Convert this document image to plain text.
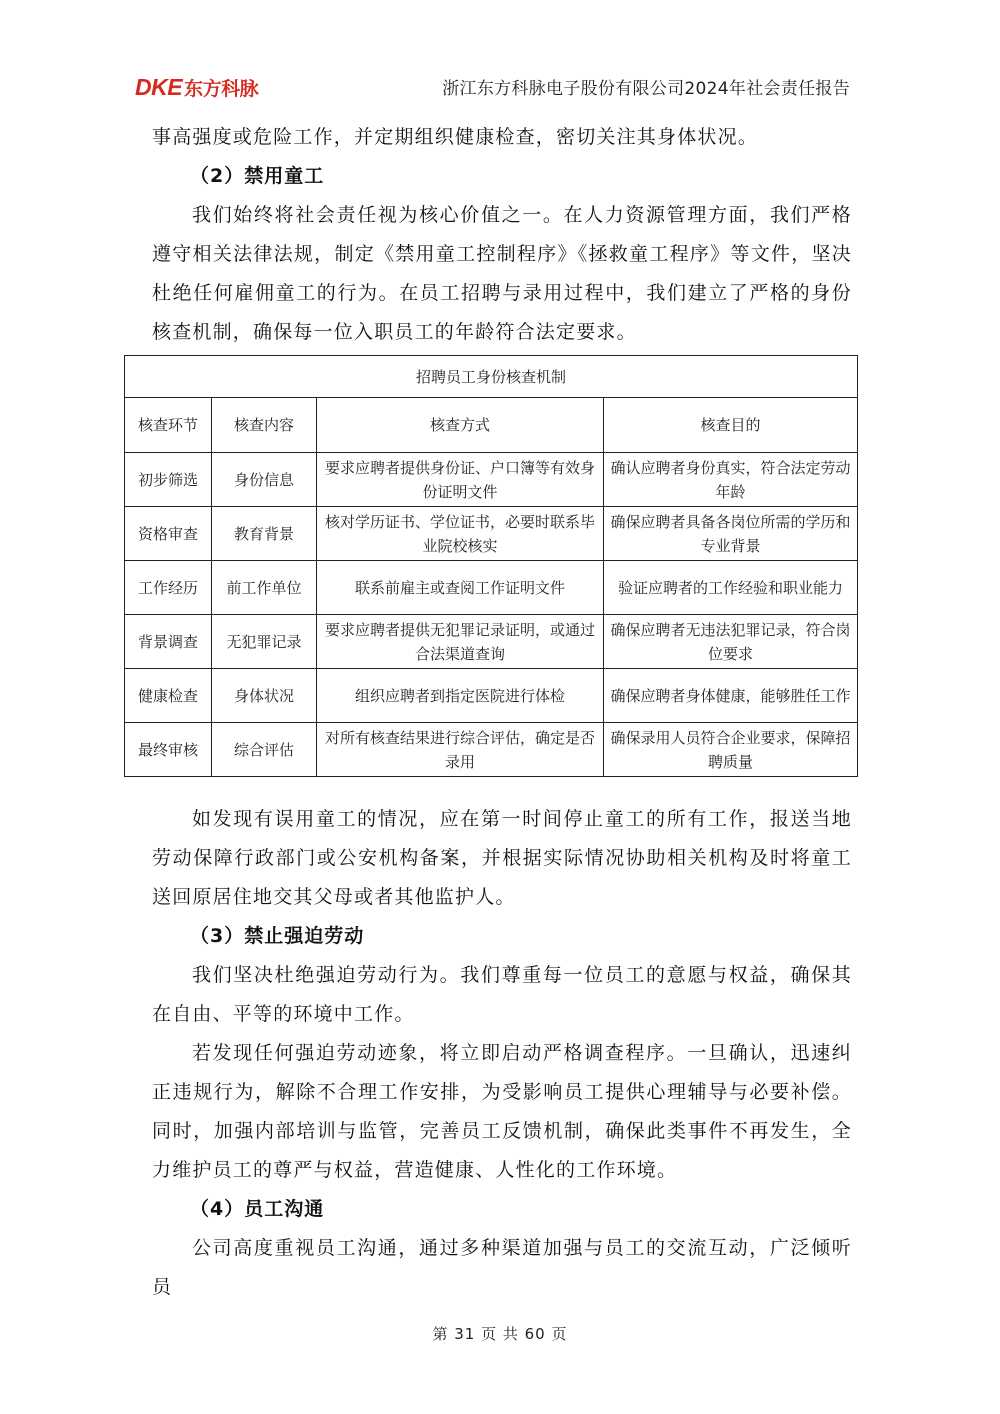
DKE 东方科脉	浙江东方科脉电子股份有限公司2024年社会责任报告

事高强度或危险工作，并定期组织健康检查，密切关注其身体状况。

（2）禁用童工

我们始终将社会责任视为核心价值之一。在人力资源管理方面，我们严格遵守相关法律法规，制定《禁用童工控制程序》《拯救童工程序》等文件，坚决杜绝任何雇佣童工的行为。在员工招聘与录用过程中，我们建立了严格的身份核查机制，确保每一位入职员工的年龄符合法定要求。

招聘员工身份核查机制			
核查环节	核查内容	核查方式	核查目的
初步筛选	身份信息	要求应聘者提供身份证、户口簿等有效身份证明文件	确认应聘者身份真实，符合法定劳动年龄
资格审查	教育背景	核对学历证书、学位证书，必要时联系毕业院校核实	确保应聘者具备各岗位所需的学历和专业背景
工作经历	前工作单位	联系前雇主或查阅工作证明文件	验证应聘者的工作经验和职业能力
背景调查	无犯罪记录	要求应聘者提供无犯罪记录证明，或通过合法渠道查询	确保应聘者无违法犯罪记录，符合岗位要求
健康检查	身体状况	组织应聘者到指定医院进行体检	确保应聘者身体健康，能够胜任工作
最终审核	综合评估	对所有核查结果进行综合评估，确定是否录用	确保录用人员符合企业要求，保障招聘质量

如发现有误用童工的情况，应在第一时间停止童工的所有工作，报送当地劳动保障行政部门或公安机构备案，并根据实际情况协助相关机构及时将童工送回原居住地交其父母或者其他监护人。

（3）禁止强迫劳动

我们坚决杜绝强迫劳动行为。我们尊重每一位员工的意愿与权益，确保其在自由、平等的环境中工作。

若发现任何强迫劳动迹象，将立即启动严格调查程序。一旦确认，迅速纠正违规行为，解除不合理工作安排，为受影响员工提供心理辅导与必要补偿。同时，加强内部培训与监管，完善员工反馈机制，确保此类事件不再发生，全力维护员工的尊严与权益，营造健康、人性化的工作环境。

（4）员工沟通

公司高度重视员工沟通，通过多种渠道加强与员工的交流互动，广泛倾听员

第 31 页 共 60 页
